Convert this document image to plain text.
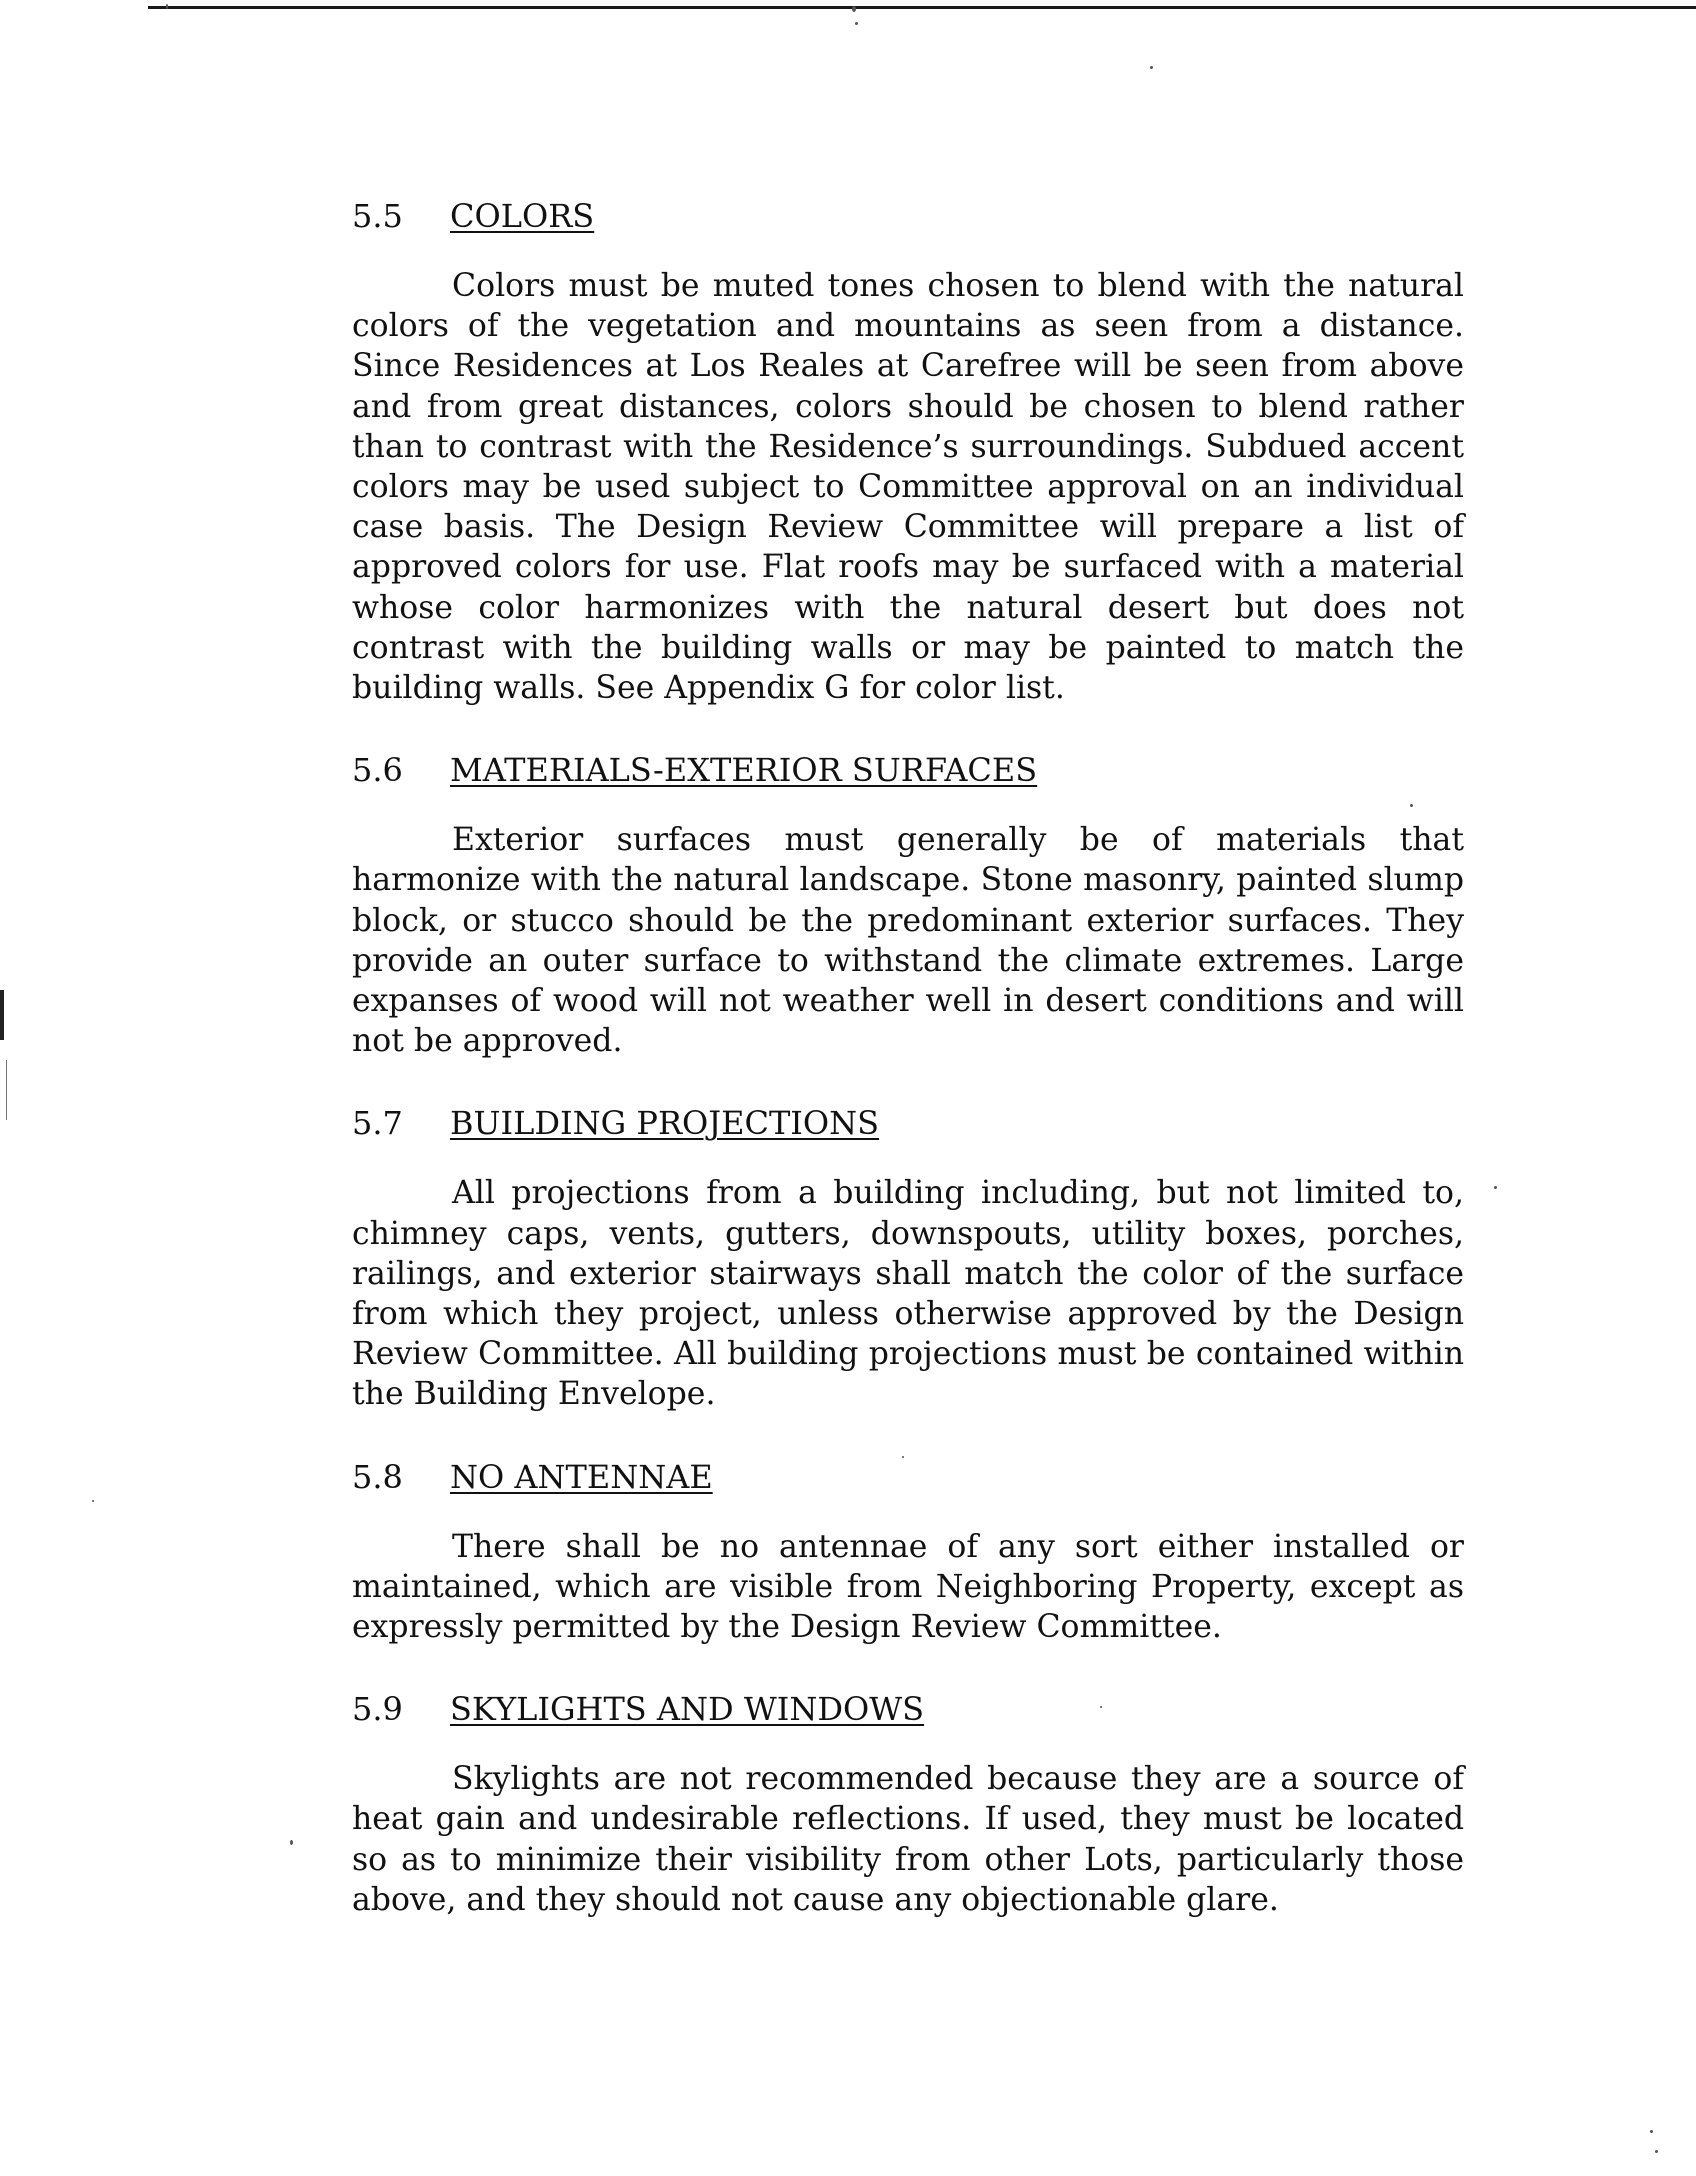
5.5	COLORS

Colors must be muted tones chosen to blend with the natural colors of the vegetation and mountains as seen from a distance. Since Residences at Los Reales at Carefree will be seen from above and from great distances, colors should be chosen to blend rather than to contrast with the Residence’s surroundings. Subdued accent colors may be used subject to Committee approval on an individual case basis. The Design Review Committee will prepare a list of approved colors for use. Flat roofs may be surfaced with a material whose color harmonizes with the natural desert but does not contrast with the building walls or may be painted to match the building walls. See Appendix G for color list.

5.6	MATERIALS-EXTERIOR SURFACES

Exterior surfaces must generally be of materials that harmonize with the natural landscape. Stone masonry, painted slump block, or stucco should be the predominant exterior surfaces. They provide an outer surface to withstand the climate extremes. Large expanses of wood will not weather well in desert conditions and will not be approved.

5.7	BUILDING PROJECTIONS

All projections from a building including, but not limited to, chimney caps, vents, gutters, downspouts, utility boxes, porches, railings, and exterior stairways shall match the color of the surface from which they project, unless otherwise approved by the Design Review Committee. All building projections must be contained within the Building Envelope.

5.8	NO ANTENNAE

There shall be no antennae of any sort either installed or maintained, which are visible from Neighboring Property, except as expressly permitted by the Design Review Committee.

5.9	SKYLIGHTS AND WINDOWS

Skylights are not recommended because they are a source of heat gain and undesirable reflections. If used, they must be located so as to minimize their visibility from other Lots, particularly those above, and they should not cause any objectionable glare.
